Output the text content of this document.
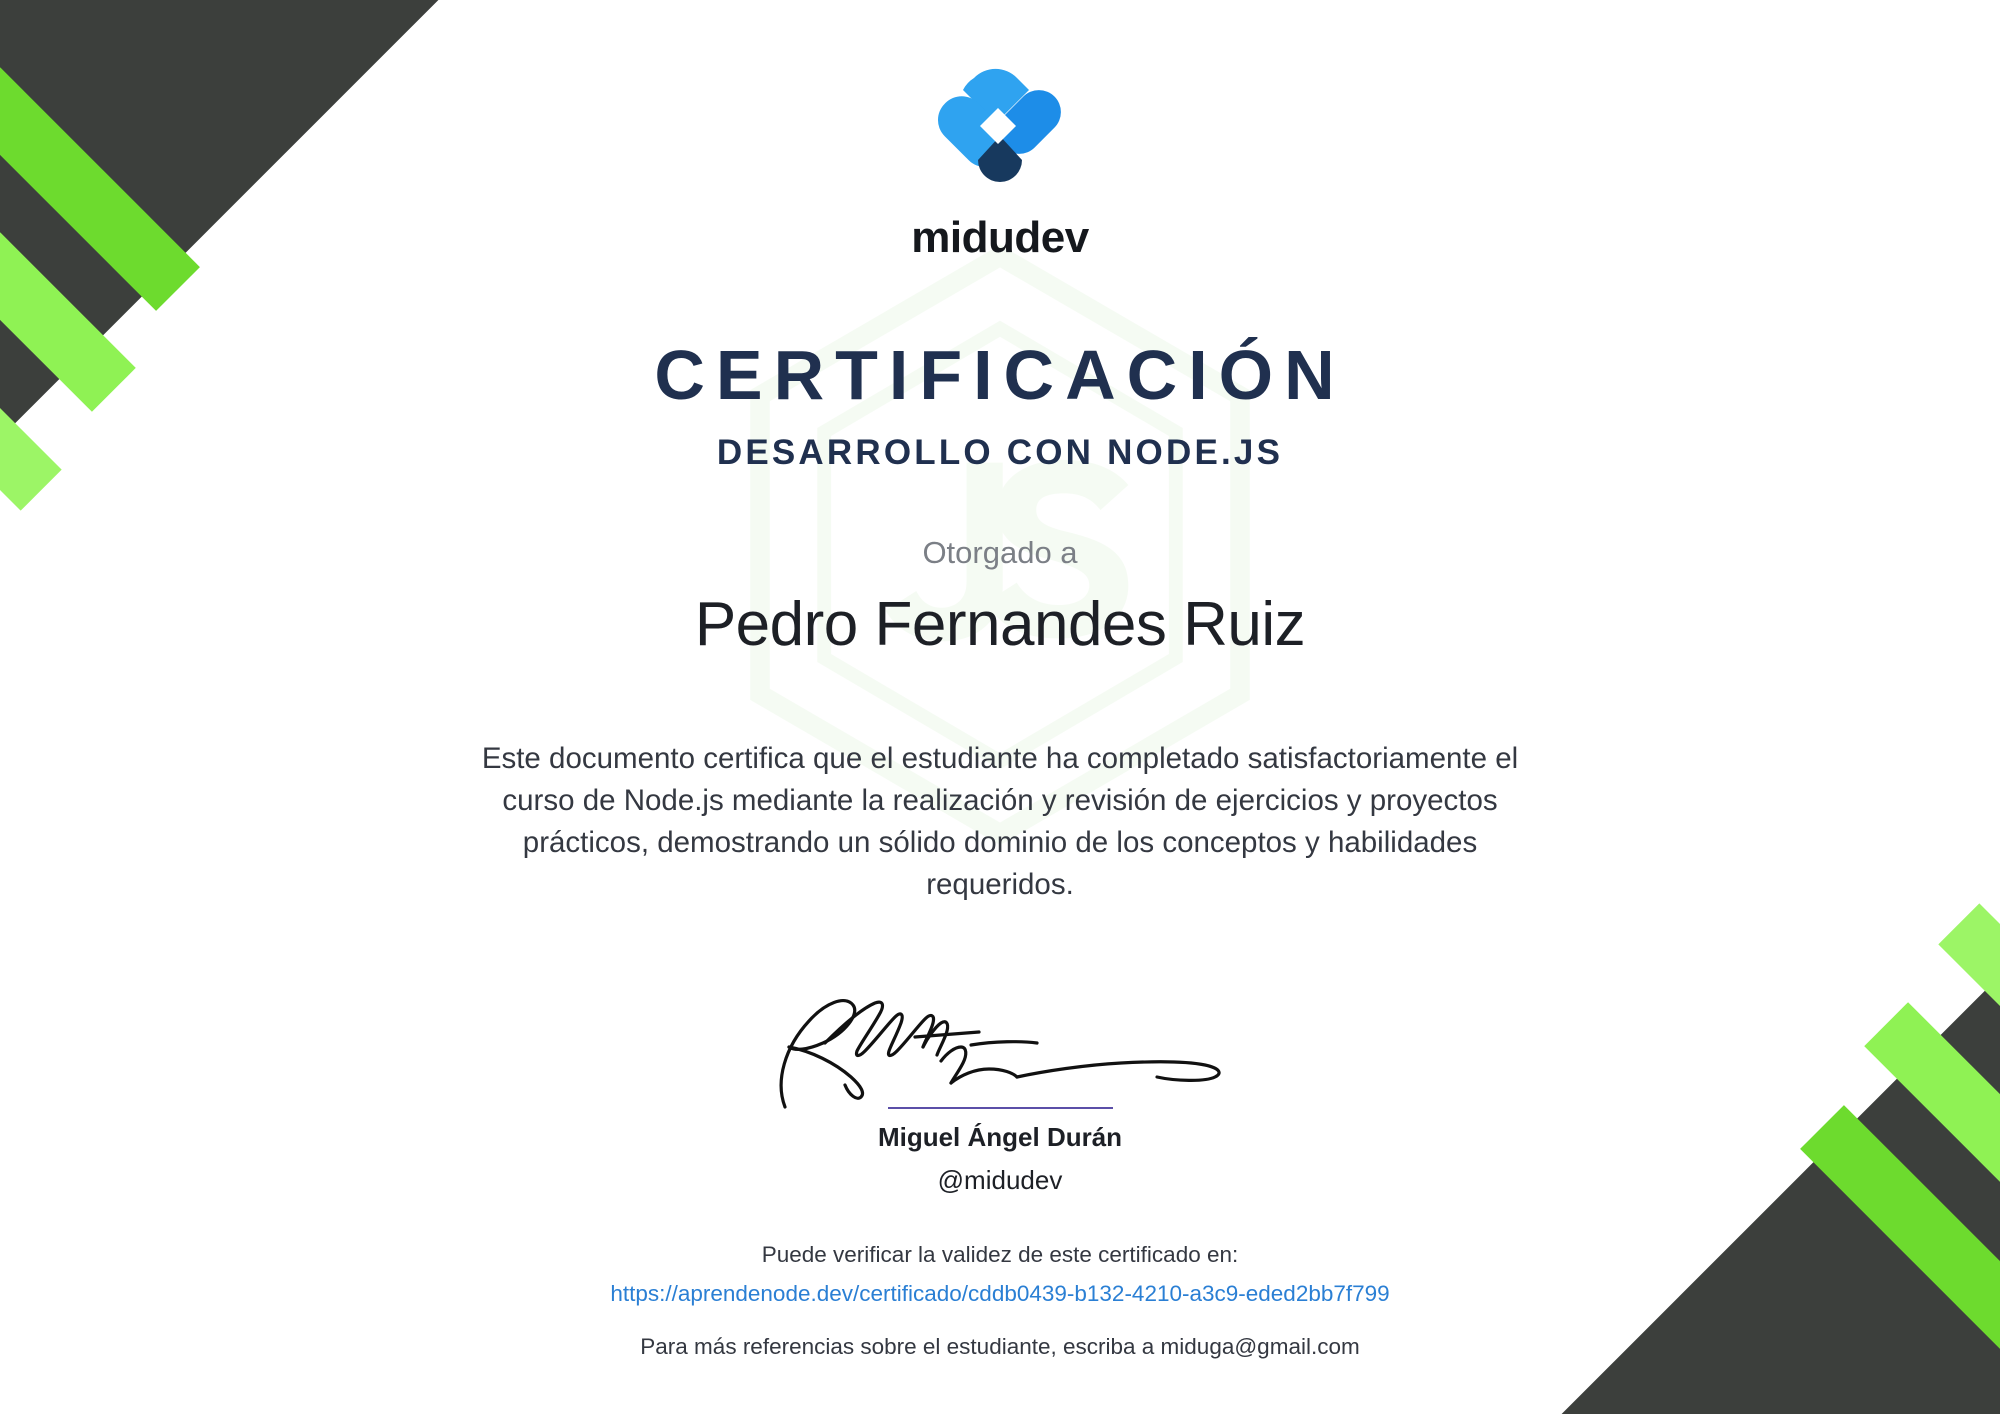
midudev
CERTIFICACIÓN
DESARROLLO CON NODE.JS
Otorgado a
Pedro Fernandes Ruiz
Este documento certifica que el estudiante ha completado satisfactoriamente el curso de Node.js mediante la realización y revisión de ejercicios y proyectos prácticos, demostrando un sólido dominio de los conceptos y habilidades requeridos.
Miguel Ángel Durán
@midudev
Puede verificar la validez de este certificado en:
https://aprendenode.dev/certificado/cddb0439-b132-4210-a3c9-eded2bb7f799
Para más referencias sobre el estudiante, escriba a miduga@gmail.com
